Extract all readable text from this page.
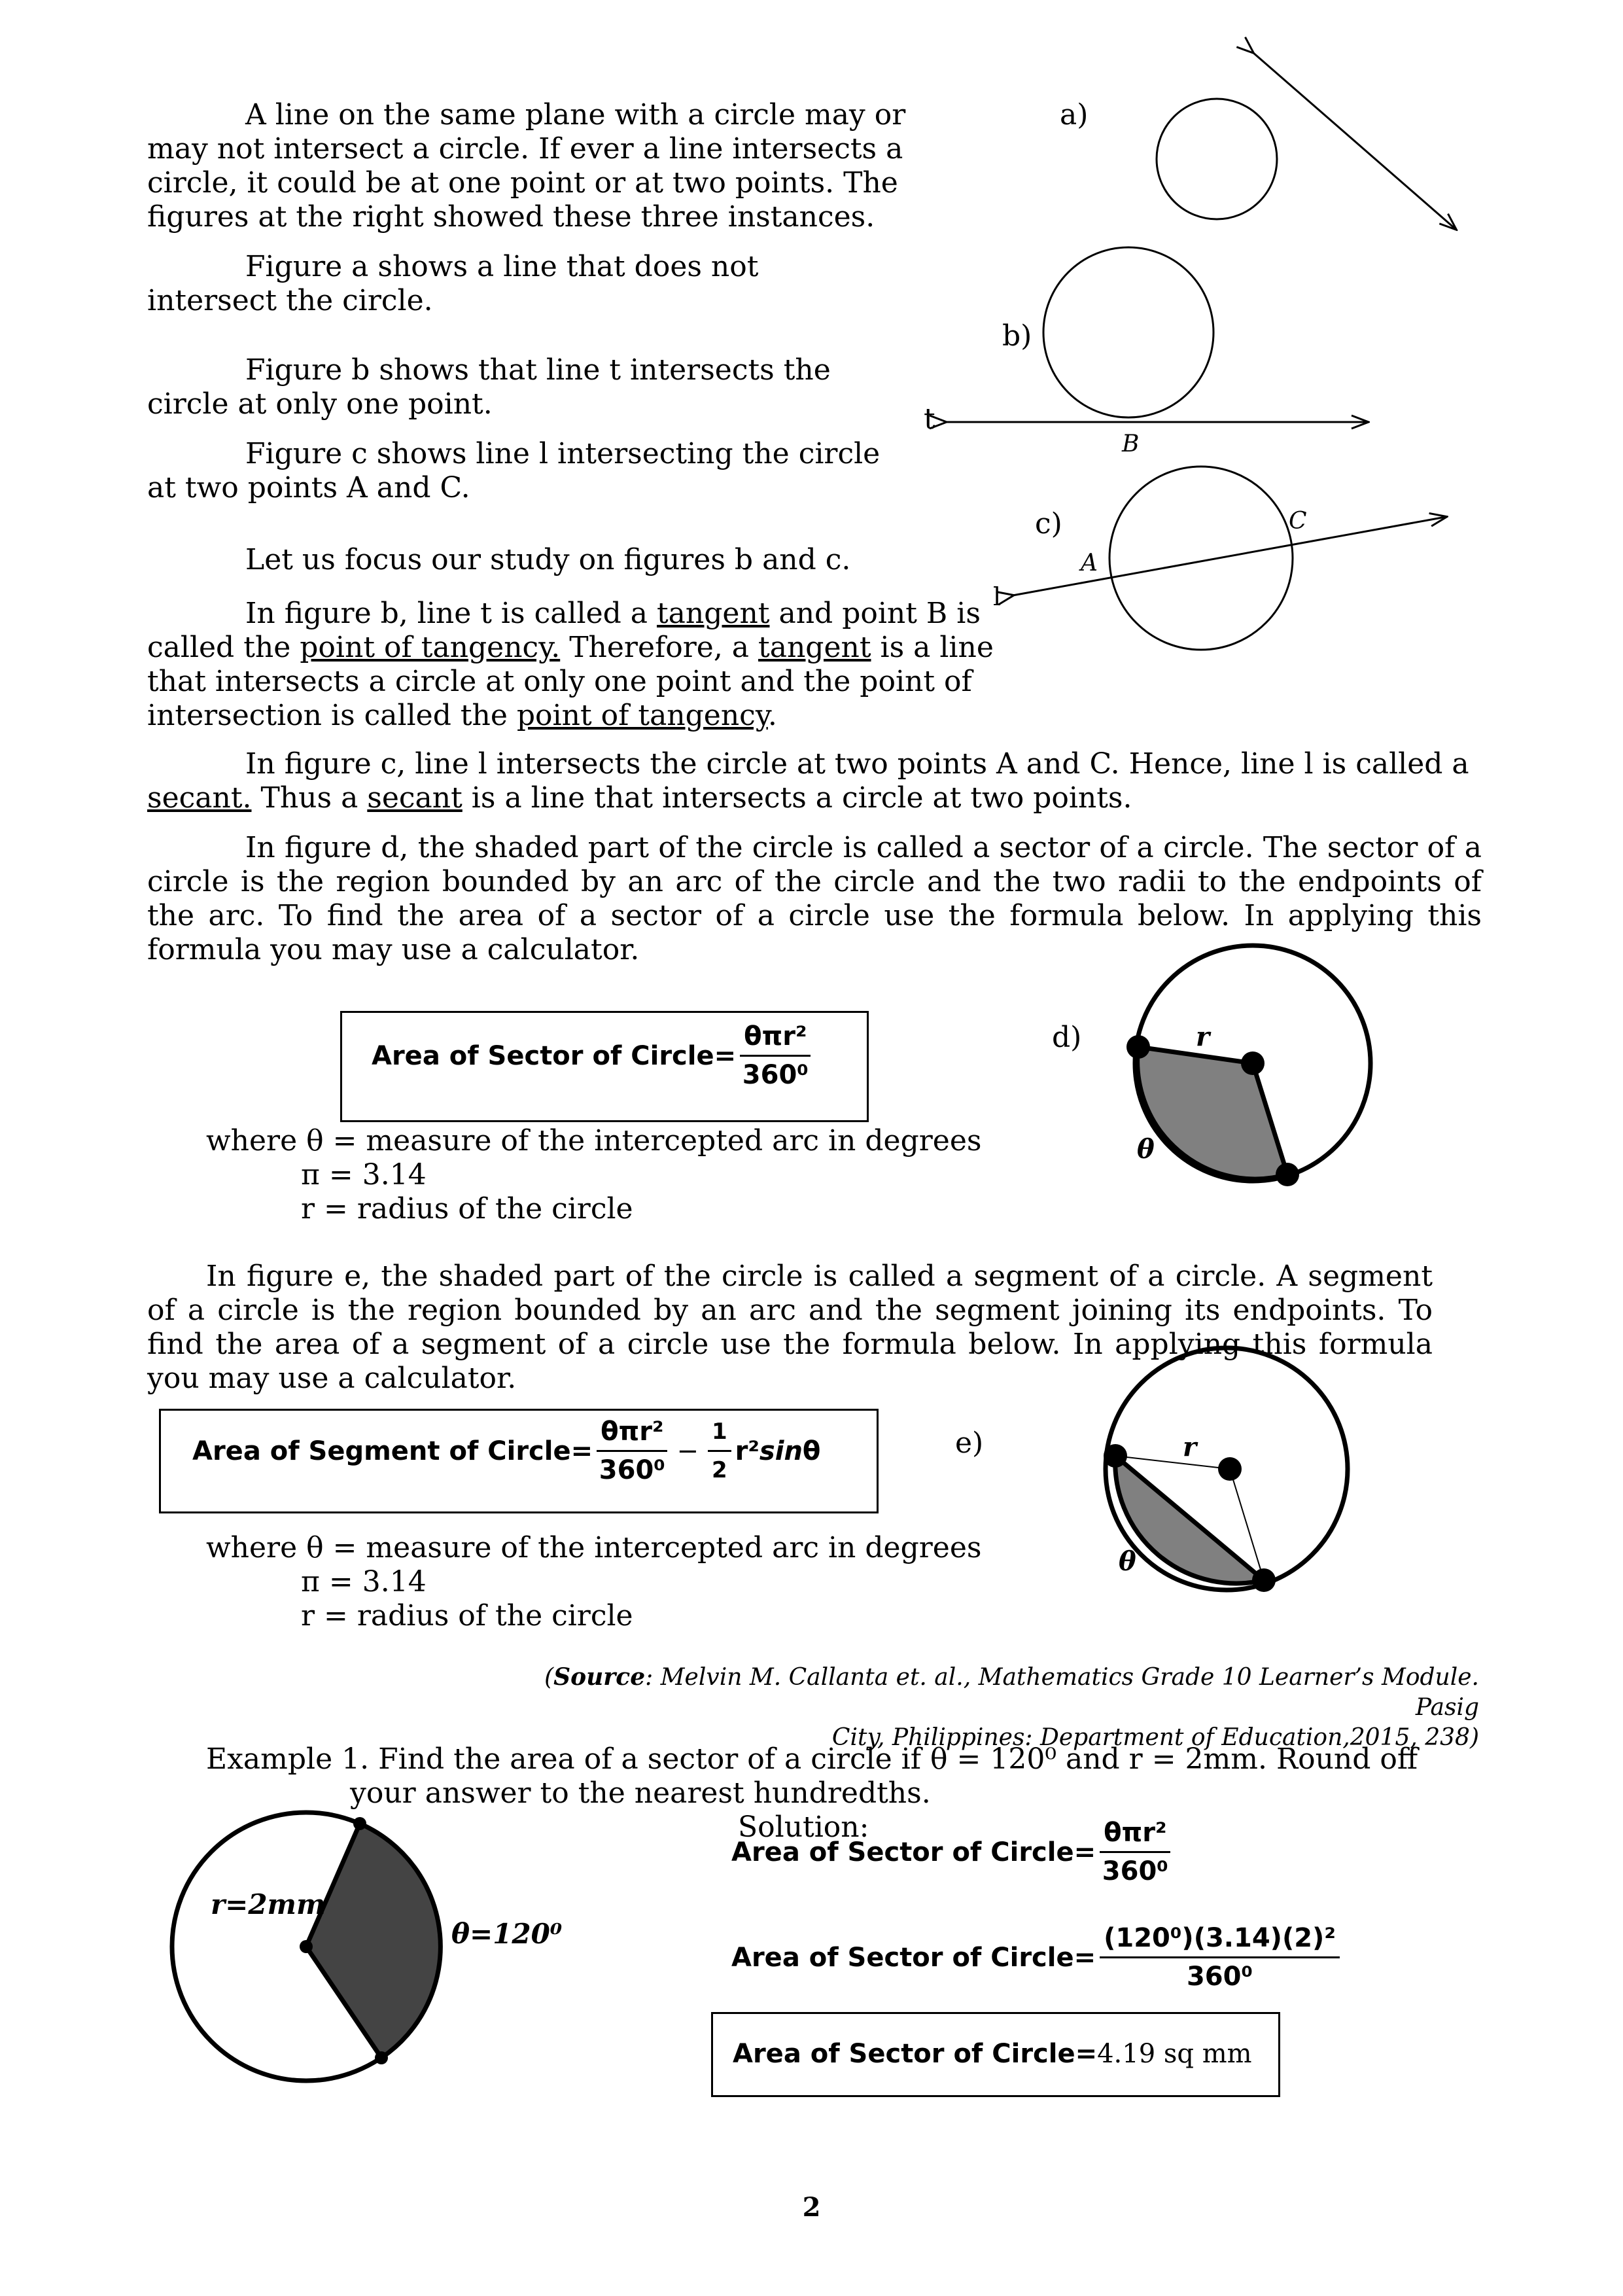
A line on the same plane with a circle may or may not intersect a circle. If ever a line intersects a circle, it could be at one point or at two points. The figures at the right showed these three instances.

Figure a shows a line that does not intersect the circle.

Figure b shows that line t intersects the circle at only one point.

Figure c shows line l intersecting the circle at two points A and C.

Let us focus our study on figures b and c.

In figure b, line t is called a tangent and point B is called the point of tangency. Therefore, a tangent is a line that intersects a circle at only one point and the point of intersection is called the point of tangency.

In figure c, line l intersects the circle at two points A and C. Hence, line l is called a secant. Thus a secant is a line that intersects a circle at two points.

In figure d, the shaded part of the circle is called a sector of a circle. The sector of a circle is the region bounded by an arc of the circle and the two radii to the endpoints of the arc. To find the area of a sector of a circle use the formula below. In applying this formula you may use a calculator.

Area of Sector of Circle= $\frac{\text{θπr²}}{\text{360⁰}}$

where θ = measure of the intercepted arc in degrees

π = 3.14

r = radius of the circle

In figure e, the shaded part of the circle is called a segment of a circle. A segment of a circle is the region bounded by an arc and the segment joining its endpoints. To find the area of a segment of a circle use the formula below. In applying this formula you may use a calculator.

Area of Segment of Circle= $\frac{\text{θπr²}}{\text{360⁰}} - \frac{1}{2} r^2$ sin θ

where θ = measure of the intercepted arc in degrees

π = 3.14

r = radius of the circle

(Source: Melvin M. Callanta et. al., Mathematics Grade 10 Learner’s Module. Pasig
City, Philippines: Department of Education,2015, 238)

Example 1. Find the area of a sector of a circle if θ = 120⁰ and r = 2mm. Round off

your answer to the nearest hundredths.

Solution:

Area of Sector of Circle= $\frac{\text{θπr²}}{\text{360⁰}}$
Area of Sector of Circle= $\frac{\text{(120⁰)(3.14)(2)²}}{\text{360⁰}}$
Area of Sector of Circle= 4.19 sq mm
a)
b)
t
B
c)
l
A
C
d)	r
θ
e)	r
θ
r=2mm
θ=120⁰
2
